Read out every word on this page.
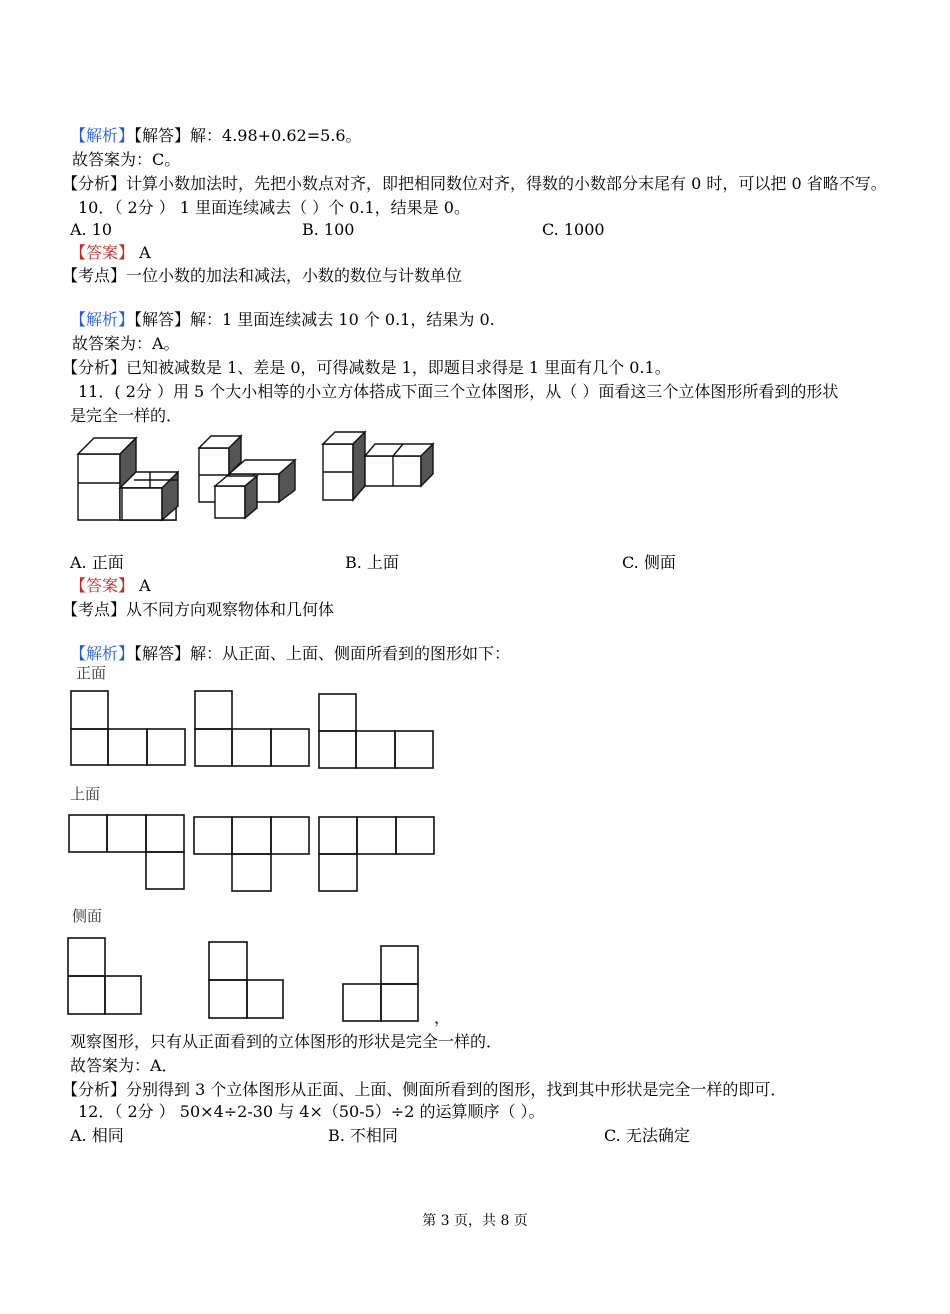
【解析】【解答】解：4.98+0.62=5.6。
故答案为：C。
【分析】计算小数加法时，先把小数点对齐，即把相同数位对齐，得数的小数部分末尾有 0 时，可以把 0 省略不写。
10．（ 2分 ） 1 里面连续减去（ ）个 0.1，结果是 0。
A. 10	B. 100	C. 1000
【答案】 A
【考点】一位小数的加法和减法，小数的数位与计数单位
【解析】【解答】解：1 里面连续减去 10 个 0.1，结果为 0.
故答案为：A。
【分析】已知被减数是 1、差是 0，可得减数是 1，即题目求得是 1 里面有几个 0.1。
11．( 2分 ）用 5 个大小相等的小立方体搭成下面三个立体图形，从（ ）面看这三个立体图形所看到的形状
是完全一样的．
A. 正面	B. 上面	C. 侧面
【答案】 A
【考点】从不同方向观察物体和几何体
【解析】【解答】解：从正面、上面、侧面所看到的图形如下：
正面
上面
侧面
，
观察图形，只有从正面看到的立体图形的形状是完全一样的．
故答案为：A．
【分析】分别得到 3 个立体图形从正面、上面、侧面所看到的图形，找到其中形状是完全一样的即可．
12．（ 2分 ） 50×4÷2-30 与 4×（50-5）÷2 的运算顺序（ ）。
A. 相同	B. 不相同	C. 无法确定
第 3 页，共 8 页
